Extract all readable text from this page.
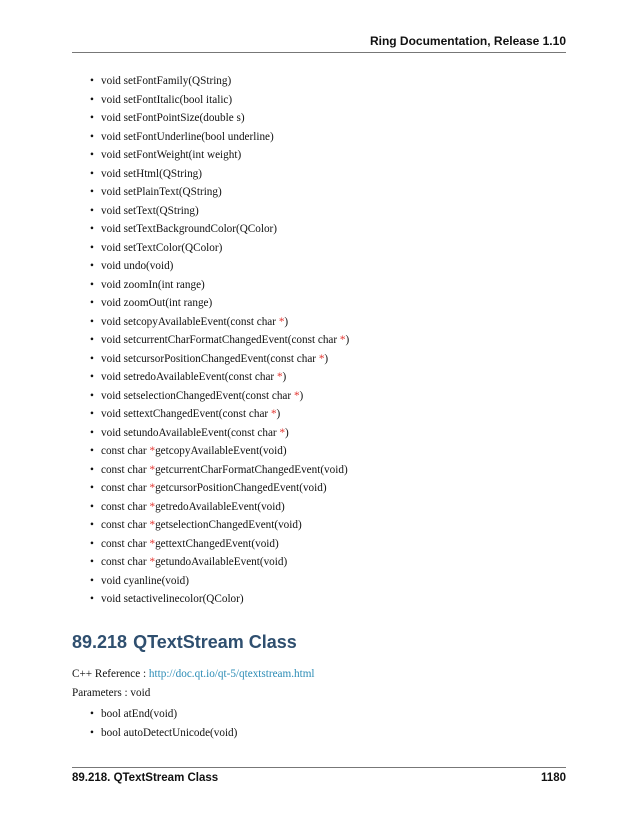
Ring Documentation, Release 1.10
• void setFontFamily(QString)
• void setFontItalic(bool italic)
• void setFontPointSize(double s)
• void setFontUnderline(bool underline)
• void setFontWeight(int weight)
• void setHtml(QString)
• void setPlainText(QString)
• void setText(QString)
• void setTextBackgroundColor(QColor)
• void setTextColor(QColor)
• void undo(void)
• void zoomIn(int range)
• void zoomOut(int range)
• void setcopyAvailableEvent(const char *)
• void setcurrentCharFormatChangedEvent(const char *)
• void setcursorPositionChangedEvent(const char *)
• void setredoAvailableEvent(const char *)
• void setselectionChangedEvent(const char *)
• void settextChangedEvent(const char *)
• void setundoAvailableEvent(const char *)
• const char *getcopyAvailableEvent(void)
• const char *getcurrentCharFormatChangedEvent(void)
• const char *getcursorPositionChangedEvent(void)
• const char *getredoAvailableEvent(void)
• const char *getselectionChangedEvent(void)
• const char *gettextChangedEvent(void)
• const char *getundoAvailableEvent(void)
• void cyanline(void)
• void setactivelinecolor(QColor)
89.218 QTextStream Class
C++ Reference : http://doc.qt.io/qt-5/qtextstream.html
Parameters : void
• bool atEnd(void)
• bool autoDetectUnicode(void)
89.218. QTextStream Class	1180
